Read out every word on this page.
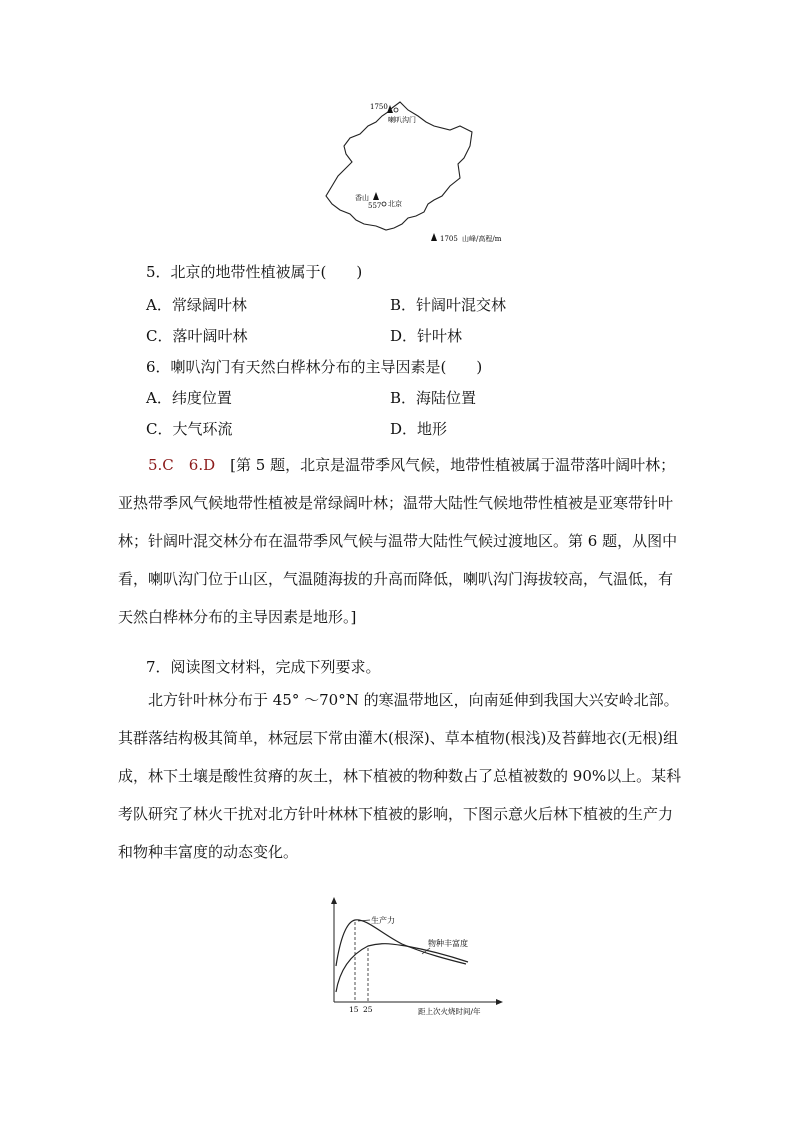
1750
喇叭沟门
香山
557 北京
1705 山峰/高程/m
5．北京的地带性植被属于(　　)
A．常绿阔叶林	B．针阔叶混交林
C．落叶阔叶林	D．针叶林
6．喇叭沟门有天然白桦林分布的主导因素是(　　)
A．纬度位置	B．海陆位置
C．大气环流	D．地形
5.C　6.D　 [第 5 题，北京是温带季风气候，地带性植被属于温带落叶阔叶林；亚热带季风气候地带性植被是常绿阔叶林；温带大陆性气候地带性植被是亚寒带针叶林；针阔叶混交林分布在温带季风气候与温带大陆性气候过渡地区。第 6 题，从图中看，喇叭沟门位于山区，气温随海拔的升高而降低，喇叭沟门海拔较高，气温低，有天然白桦林分布的主导因素是地形。]
7．阅读图文材料，完成下列要求。
北方针叶林分布于 45° ～70°N 的寒温带地区，向南延伸到我国大兴安岭北部。其群落结构极其简单，林冠层下常由灌木(根深)、草本植物(根浅)及苔藓地衣(无根)组成，林下土壤是酸性贫瘠的灰土，林下植被的物种数占了总植被数的 90%以上。某科考队研究了林火干扰对北方针叶林林下植被的影响，下图示意火后林下植被的生产力和物种丰富度的动态变化。
生产力
物种丰富度
15 25	距上次火烧时间/年
